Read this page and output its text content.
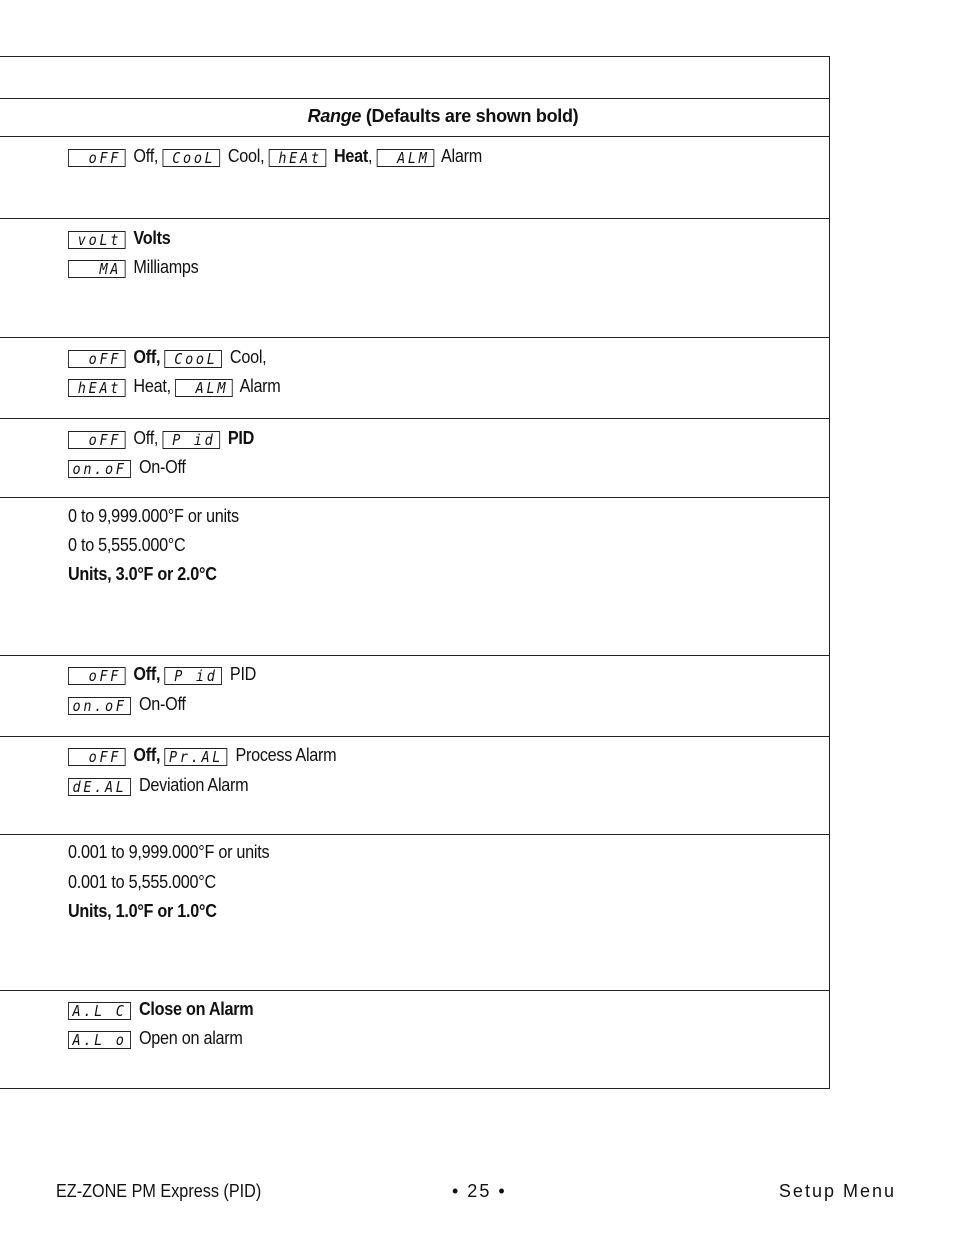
Range (Defaults are shown bold)
oFF Off, CooL Cool, hEAt Heat, ALM Alarm
voLt Volts
MA Milliamps
oFF Off, CooL Cool,
hEAt Heat, ALM Alarm
oFF Off, P id PID
on.oF On-Off
0 to 9,999.000°F or units
0 to 5,555.000°C
Units, 3.0°F or 2.0°C
oFF Off, P id PID
on.oF On-Off
oFF Off, Pr.AL Process Alarm
dE.AL Deviation Alarm
0.001 to 9,999.000°F or units
0.001 to 5,555.000°C
Units, 1.0°F or 1.0°C
A.L C Close on Alarm
A.L o Open on alarm
EZ-ZONE PM Express (PID)	• 25 •	Setup Menu
